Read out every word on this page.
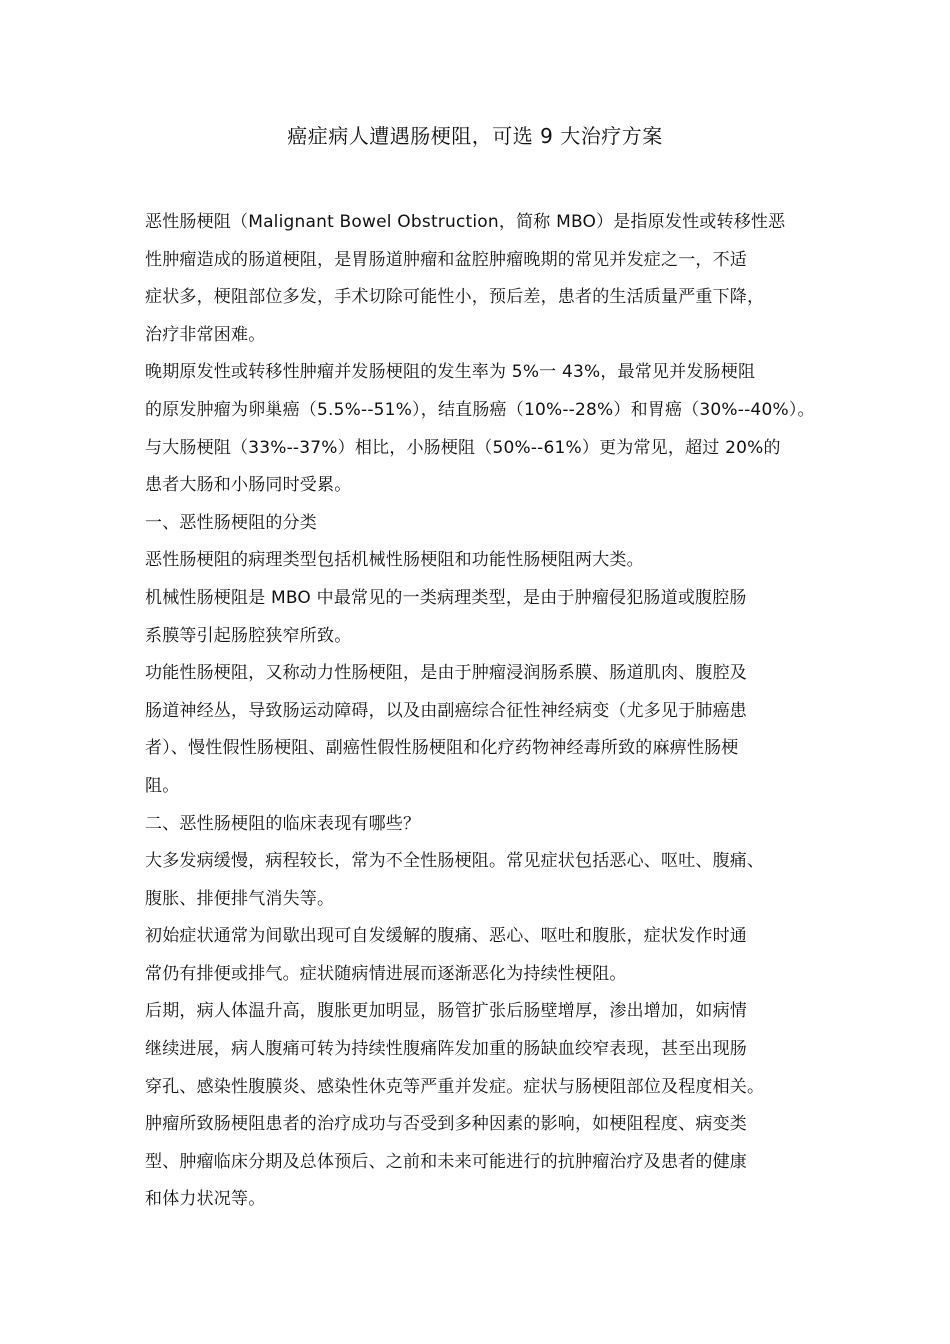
癌症病人遭遇肠梗阻，可选 9 大治疗方案
恶性肠梗阻（Malignant Bowel Obstruction，简称 MBO）是指原发性或转移性恶
性肿瘤造成的肠道梗阻，是胃肠道肿瘤和盆腔肿瘤晚期的常见并发症之一，不适
症状多，梗阻部位多发，手术切除可能性小，预后差，患者的生活质量严重下降，
治疗非常困难。
晚期原发性或转移性肿瘤并发肠梗阻的发生率为 5%一 43%，最常见并发肠梗阻
的原发肿瘤为卵巢癌（5.5%--51%），结直肠癌（10%--28%）和胃癌（30%--40%）。
与大肠梗阻（33%--37%）相比，小肠梗阻（50%--61%）更为常见，超过 20%的
患者大肠和小肠同时受累。
一、恶性肠梗阻的分类
恶性肠梗阻的病理类型包括机械性肠梗阻和功能性肠梗阻两大类。
机械性肠梗阻是 MBO 中最常见的一类病理类型，是由于肿瘤侵犯肠道或腹腔肠
系膜等引起肠腔狭窄所致。
功能性肠梗阻，又称动力性肠梗阻，是由于肿瘤浸润肠系膜、肠道肌肉、腹腔及
肠道神经丛，导致肠运动障碍，以及由副癌综合征性神经病变（尤多见于肺癌患
者）、慢性假性肠梗阻、副癌性假性肠梗阻和化疗药物神经毒所致的麻痹性肠梗
阻。
二、恶性肠梗阻的临床表现有哪些？
大多发病缓慢，病程较长，常为不全性肠梗阻。常见症状包括恶心、呕吐、腹痛、
腹胀、排便排气消失等。
初始症状通常为间歇出现可自发缓解的腹痛、恶心、呕吐和腹胀，症状发作时通
常仍有排便或排气。症状随病情进展而逐渐恶化为持续性梗阻。
后期，病人体温升高，腹胀更加明显，肠管扩张后肠壁增厚，渗出增加，如病情
继续进展，病人腹痛可转为持续性腹痛阵发加重的肠缺血绞窄表现，甚至出现肠
穿孔、感染性腹膜炎、感染性休克等严重并发症。症状与肠梗阻部位及程度相关。
肿瘤所致肠梗阻患者的治疗成功与否受到多种因素的影响，如梗阻程度、病变类
型、肿瘤临床分期及总体预后、之前和未来可能进行的抗肿瘤治疗及患者的健康
和体力状况等。
